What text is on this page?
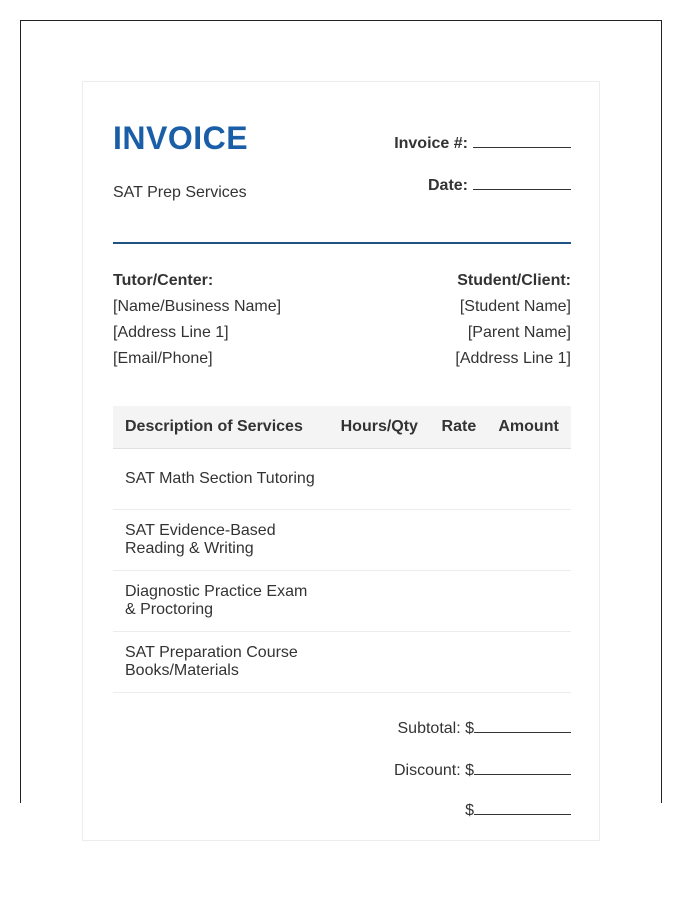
INVOICE
SAT Prep Services
Invoice #:
Date:
Tutor/Center:
[Name/Business Name]
[Address Line 1]
[Email/Phone]
Student/Client:
[Student Name]
[Parent Name]
[Address Line 1]
Description of Services	Hours/Qty	Rate	Amount
SAT Math Section Tutoring			
SAT Evidence-Based Reading & Writing			
Diagnostic Practice Exam & Proctoring			
SAT Preparation Course Books/Materials			
Subtotal: $
Discount: $
$
